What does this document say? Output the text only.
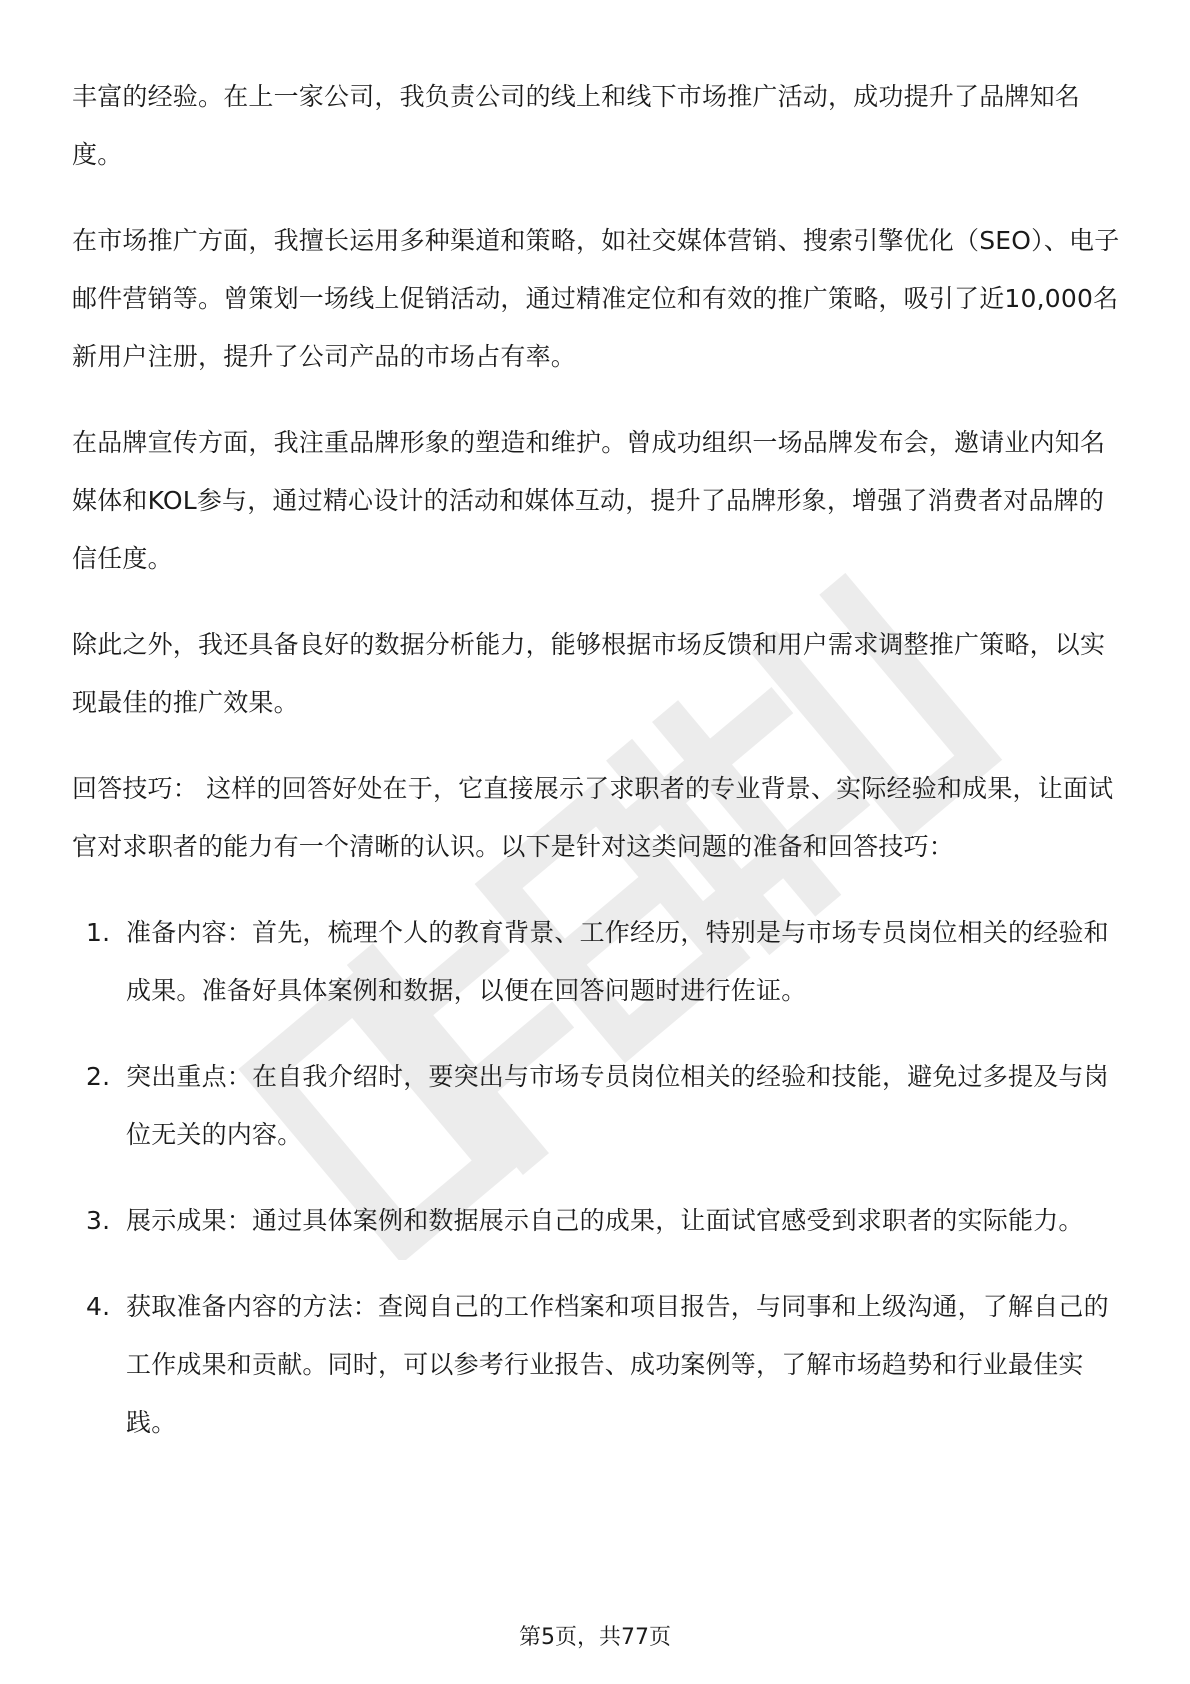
丰富的经验。在上一家公司，我负责公司的线上和线下市场推广活动，成功提升了品牌知名度。

在市场推广方面，我擅长运用多种渠道和策略，如社交媒体营销、搜索引擎优化（SEO）、电子邮件营销等。曾策划一场线上促销活动，通过精准定位和有效的推广策略，吸引了近10,000名新用户注册，提升了公司产品的市场占有率。

在品牌宣传方面，我注重品牌形象的塑造和维护。曾成功组织一场品牌发布会，邀请业内知名媒体和KOL参与，通过精心设计的活动和媒体互动，提升了品牌形象，增强了消费者对品牌的信任度。

除此之外，我还具备良好的数据分析能力，能够根据市场反馈和用户需求调整推广策略，以实现最佳的推广效果。

回答技巧： 这样的回答好处在于，它直接展示了求职者的专业背景、实际经验和成果，让面试官对求职者的能力有一个清晰的认识。以下是针对这类问题的准备和回答技巧：

1. 准备内容：首先，梳理个人的教育背景、工作经历，特别是与市场专员岗位相关的经验和成果。准备好具体案例和数据，以便在回答问题时进行佐证。
2. 突出重点：在自我介绍时，要突出与市场专员岗位相关的经验和技能，避免过多提及与岗位无关的内容。
3. 展示成果：通过具体案例和数据展示自己的成果，让面试官感受到求职者的实际能力。
4. 获取准备内容的方法：查阅自己的工作档案和项目报告，与同事和上级沟通，了解自己的工作成果和贡献。同时，可以参考行业报告、成功案例等，了解市场趋势和行业最佳实践。
第5页，共77页
